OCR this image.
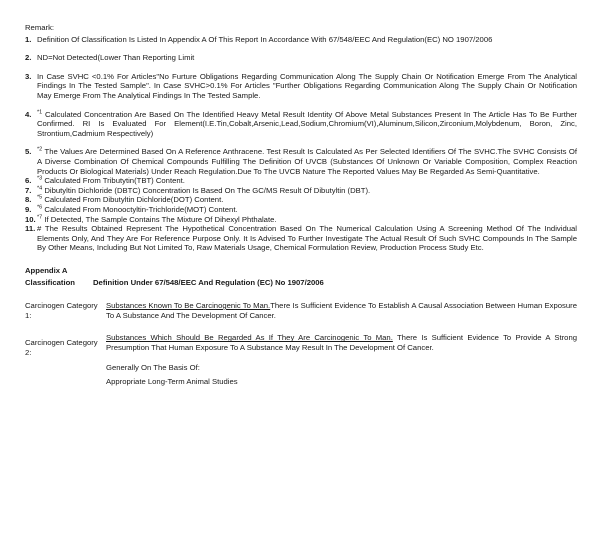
Remark:
1. Definition Of Classification Is Listed In Appendix A Of This Report In Accordance With 67/548/EEC And Regulation(EC) NO 1907/2006
2. ND=Not Detected(Lower Than Reporting Limit
3. In Case SVHC <0.1% For Articles"No Furture Obligations Regarding Communication Along The Supply Chain Or Notification Emerge From The Analytical Findings In The Tested Sample". In Case SVHC>0.1% For Articles "Further Obligations Regarding Communication Along The Supply Chain Or Notification May Emerge From The Analytical Findings In The Tested Sample.
4. $^{*1}$ Calculated Concentration Are Based On The Identified Heavy Metal Result Identity Of Above Metal Substances Present In The Article Has To Be Further Confirmed. RI Is Evaluated For Element(I.E.Tin,Cobalt,Arsenic,Lead,Sodium,Chromium(VI),Aluminum,Silicon,Zirconium,Molybdenum, Boron, Zinc, Strontium,Cadmium Respectively)
5. $^{*2}$ The Values Are Determined Based On A Reference Anthracene. Test Result Is Calculated As Per Selected Identifiers Of The SVHC.The SVHC Consists Of A Diverse Combination Of Chemical Compounds Fulfilling The Definition Of UVCB (Substances Of Unknown Or Variable Composition, Complex Reaction Products Or Biological Materials) Under Reach Regulation.Due To The UVCB Nature The Reported Values May Be Regarded As Semi-Quantitative.
6. $^{*3}$ Calculated From Tributytin(TBT) Content.
7. $^{*4}$ Dibutyltin Dichloride (DBTC) Concentration Is Based On The GC/MS Result Of Dibutyltin (DBT).
8. $^{*5}$ Calculated From Dibutyltin Dichloride(DOT) Content.
9. $^{*6}$ Calculated From Monooctyltin-Trichloride(MOT) Content.
10. $^{*7}$ If Detected, The Sample Contains The Mixture Of Dihexyl Phthalate.
11. # The Results Obtained Represent The Hypothetical Concentration Based On The Numerical Calculation Using A Screening Method Of The Individual Elements Only, And They Are For Reference Purpose Only. It Is Advised To Further Investigate The Actual Result Of Such SVHC Compounds In The Sample By Other Means, Including But Not Limited To, Raw Materials Usage, Chemical Formulation Review, Production Process Study Etc.
Appendix A
Classification Definition Under 67/548/EEC And Regulation (EC) No 1907/2006
Carcinogen Category 1:
Substances Known To Be Carcinogenic To Man.There Is Sufficient Evidence To Establish A Causal Association Between Human Exposure To A Substance And The Development Of Cancer.
Carcinogen Category 2:
Substances Which Should Be Regarded As If They Are Carcinogenic To Man. There Is Sufficient Evidence To Provide A Strong Presumption That Human Exposure To A Substance May Result In The Development Of Cancer.
Generally On The Basis Of:
Appropriate Long-Term Animal Studies
